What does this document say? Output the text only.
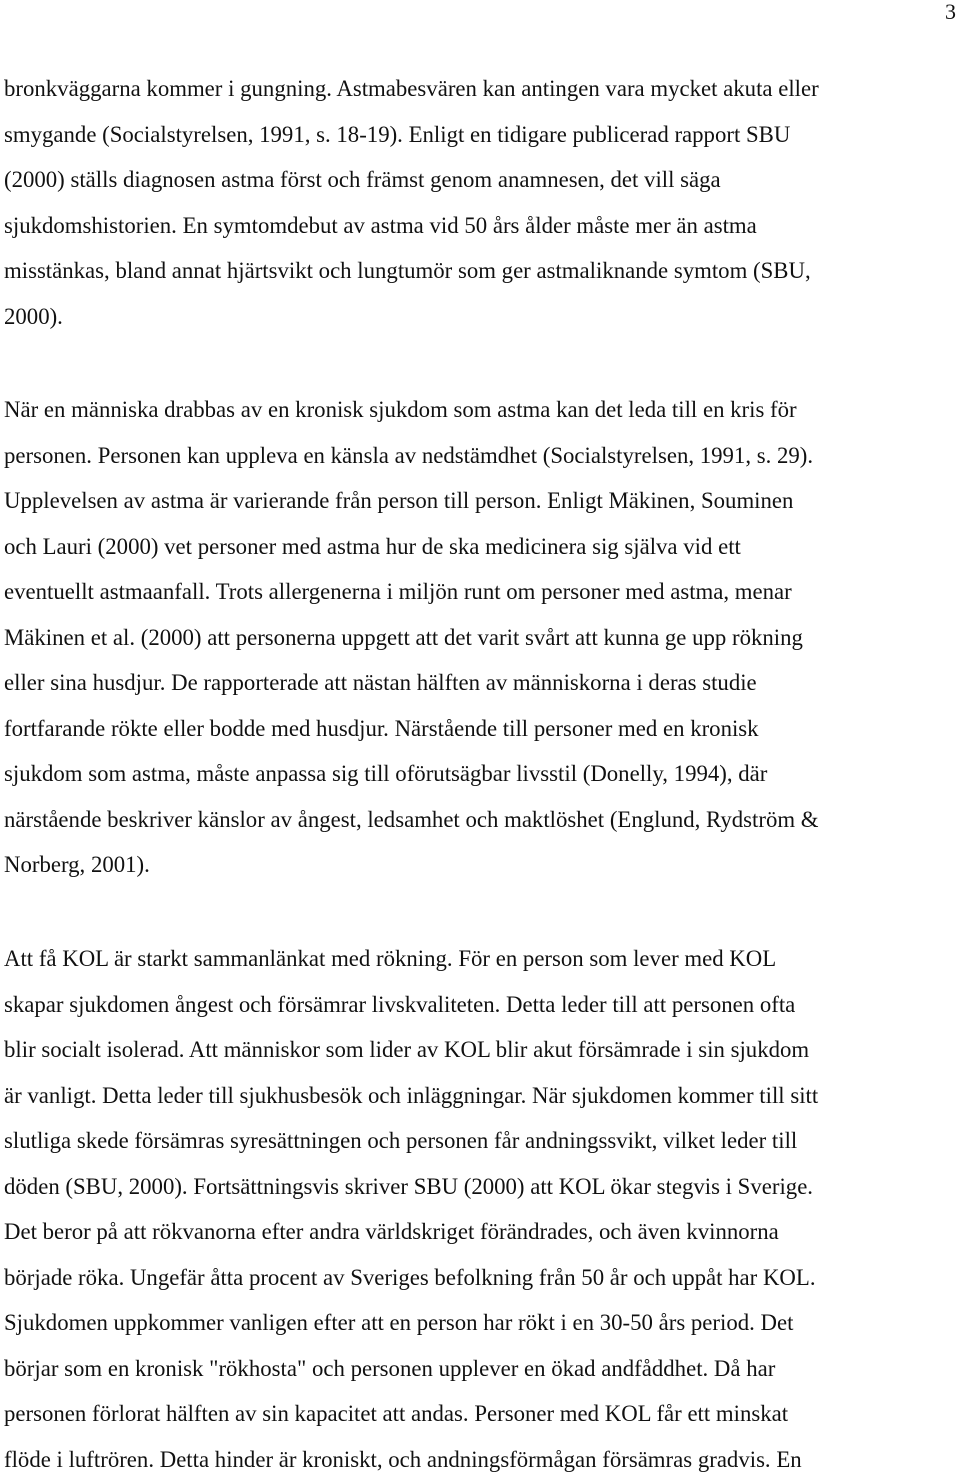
3
bronkväggarna kommer i gungning. Astmabesvären kan antingen vara mycket akuta eller
smygande (Socialstyrelsen, 1991, s. 18-19). Enligt en tidigare publicerad rapport SBU
(2000) ställs diagnosen astma först och främst genom anamnesen, det vill säga
sjukdomshistorien. En symtomdebut av astma vid 50 års ålder måste mer än astma
misstänkas, bland annat hjärtsvikt och lungtumör som ger astmaliknande symtom (SBU,
2000).
När en människa drabbas av en kronisk sjukdom som astma kan det leda till en kris för
personen. Personen kan uppleva en känsla av nedstämdhet (Socialstyrelsen, 1991, s. 29).
Upplevelsen av astma är varierande från person till person. Enligt Mäkinen, Souminen
och Lauri (2000) vet personer med astma hur de ska medicinera sig själva vid ett
eventuellt astmaanfall. Trots allergenerna i miljön runt om personer med astma, menar
Mäkinen et al. (2000) att personerna uppgett att det varit svårt att kunna ge upp rökning
eller sina husdjur. De rapporterade att nästan hälften av människorna i deras studie
fortfarande rökte eller bodde med husdjur. Närstående till personer med en kronisk
sjukdom som astma, måste anpassa sig till oförutsägbar livsstil (Donelly, 1994), där
närstående beskriver känslor av ångest, ledsamhet och maktlöshet (Englund, Rydström &
Norberg, 2001).
Att få KOL är starkt sammanlänkat med rökning. För en person som lever med KOL
skapar sjukdomen ångest och försämrar livskvaliteten. Detta leder till att personen ofta
blir socialt isolerad. Att människor som lider av KOL blir akut försämrade i sin sjukdom
är vanligt. Detta leder till sjukhusbesök och inläggningar. När sjukdomen kommer till sitt
slutliga skede försämras syresättningen och personen får andningssvikt, vilket leder till
döden (SBU, 2000). Fortsättningsvis skriver SBU (2000) att KOL ökar stegvis i Sverige.
Det beror på att rökvanorna efter andra världskriget förändrades, och även kvinnorna
började röka. Ungefär åtta procent av Sveriges befolkning från 50 år och uppåt har KOL.
Sjukdomen uppkommer vanligen efter att en person har rökt i en 30-50 års period. Det
börjar som en kronisk "rökhosta" och personen upplever en ökad andfåddhet. Då har
personen förlorat hälften av sin kapacitet att andas. Personer med KOL får ett minskat
flöde i luftrören. Detta hinder är kroniskt, och andningsförmågan försämras gradvis. En
